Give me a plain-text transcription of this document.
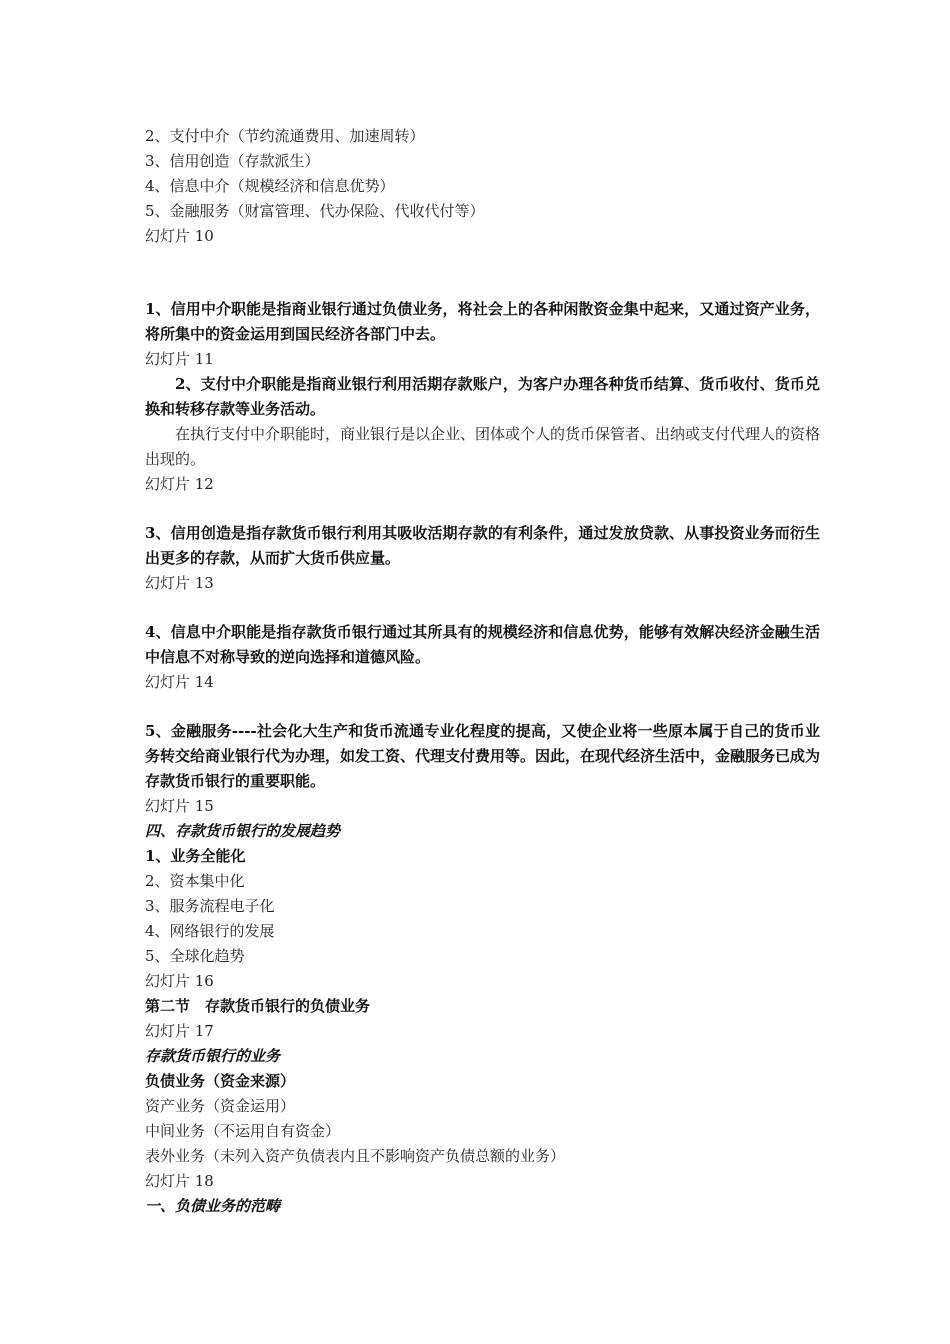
2、支付中介（节约流通费用、加速周转）
3、信用创造（存款派生）
4、信息中介（规模经济和信息优势）
5、金融服务（财富管理、代办保险、代收代付等）
幻灯片 10
1、信用中介职能是指商业银行通过负债业务，将社会上的各种闲散资金集中起来，又通过资产业务，将所集中的资金运用到国民经济各部门中去。
幻灯片 11
2、支付中介职能是指商业银行利用活期存款账户，为客户办理各种货币结算、货币收付、货币兑换和转移存款等业务活动。
在执行支付中介职能时，商业银行是以企业、团体或个人的货币保管者、出纳或支付代理人的资格出现的。
幻灯片 12
3、信用创造是指存款货币银行利用其吸收活期存款的有利条件，通过发放贷款、从事投资业务而衍生出更多的存款，从而扩大货币供应量。
幻灯片 13
4、信息中介职能是指存款货币银行通过其所具有的规模经济和信息优势，能够有效解决经济金融生活中信息不对称导致的逆向选择和道德风险。
幻灯片 14
5、金融服务----社会化大生产和货币流通专业化程度的提高，又使企业将一些原本属于自己的货币业务转交给商业银行代为办理，如发工资、代理支付费用等。因此，在现代经济生活中，金融服务已成为存款货币银行的重要职能。
幻灯片 15
四、存款货币银行的发展趋势
1、业务全能化
2、资本集中化
3、服务流程电子化
4、网络银行的发展
5、全球化趋势
幻灯片 16
第二节　存款货币银行的负债业务
幻灯片 17
存款货币银行的业务
负债业务（资金来源）
资产业务（资金运用）
中间业务（不运用自有资金）
表外业务（未列入资产负债表内且不影响资产负债总额的业务）
幻灯片 18
一、负债业务的范畴
